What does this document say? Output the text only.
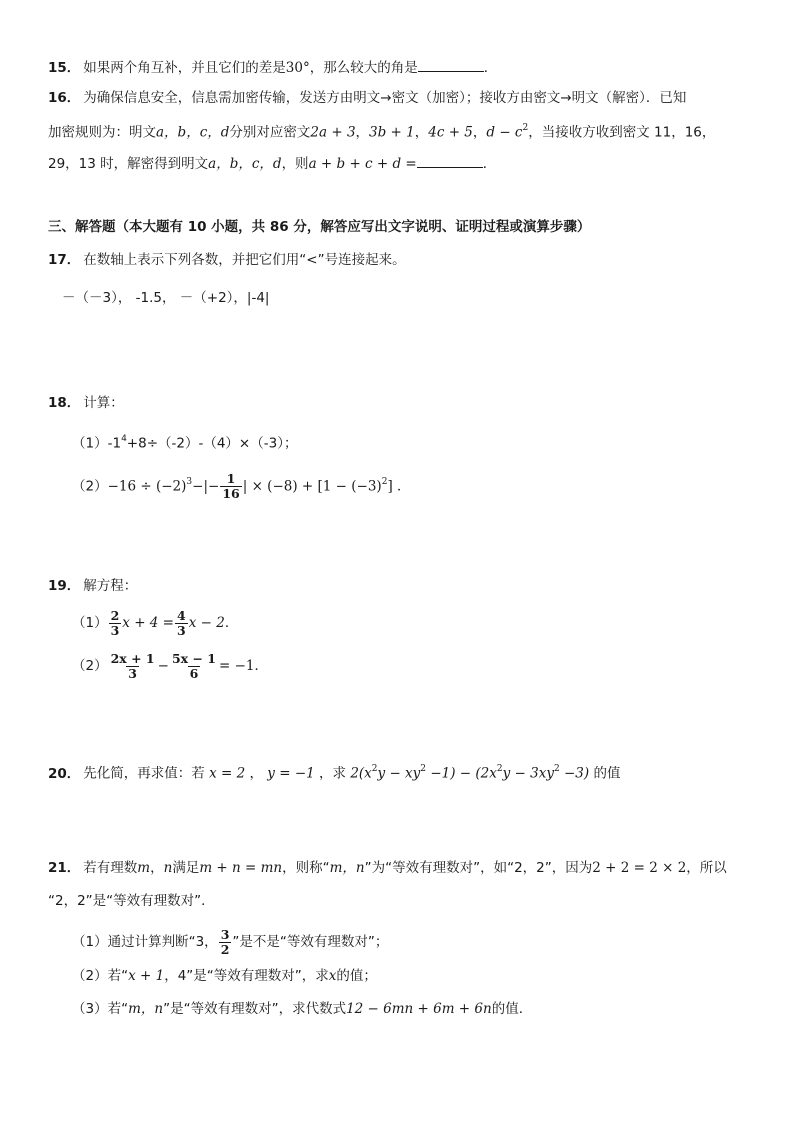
15． 如果两个角互补，并且它们的差是30°，那么较大的角是	．
16． 为确保信息安全，信息需加密传输，发送方由明文→密文（加密）；接收方由密文→明文（解密）．已知
加密规则为：明文a，b，c，d分别对应密文2a + 3，3b + 1，4c + 5，$d - c^2$，当接收方收到密文 11，16，
29，13 时，解密得到明文a，b，c，d，则a + b + c + d =	．
三、解答题（本大题有 10 小题，共 86 分，解答应写出文字说明、证明过程或演算步骤）
17． 在数轴上表示下列各数，并把它们用“<”号连接起来。
－（－3）， -1.5， －（+2），|-4|
18． 计算：
$(1)-1^4+8\div(-2)-(4)\times(-3)$；
$(2)-16 \div (-2)^3-|- \frac{1}{16}$ | × $(-8) + [1 - (-3)^2]$ ．
19． 解方程：
$(1) \frac{2}{3}$ $x + 4 = \frac{4}{3}$ x − 2．
$(2) \frac{2x + 1}{3} - \frac{5x - 1}{6} = -1$．
20． 先化简，再求值：若 x = 2 ， y = −1 ，求 $2(x^2y - xy^2 -1) - (2x^2y - 3xy^2 -3)$ 的值
21． 若有理数m，n满足m + n = mn，则称“m，n”为“等效有理数对”，如“2，2”，因为2 + 2 = 2 × 2，所以
“2，2”是“等效有理数对”．
（1）通过计算判断“3， $\frac{3}{2}$ ”是不是“等效有理数对”；
（2）若“x + 1，4”是“等效有理数对”，求x的值；
（3）若“m，n”是“等效有理数对”，求代数式12 − 6mn + 6m + 6n的值．
